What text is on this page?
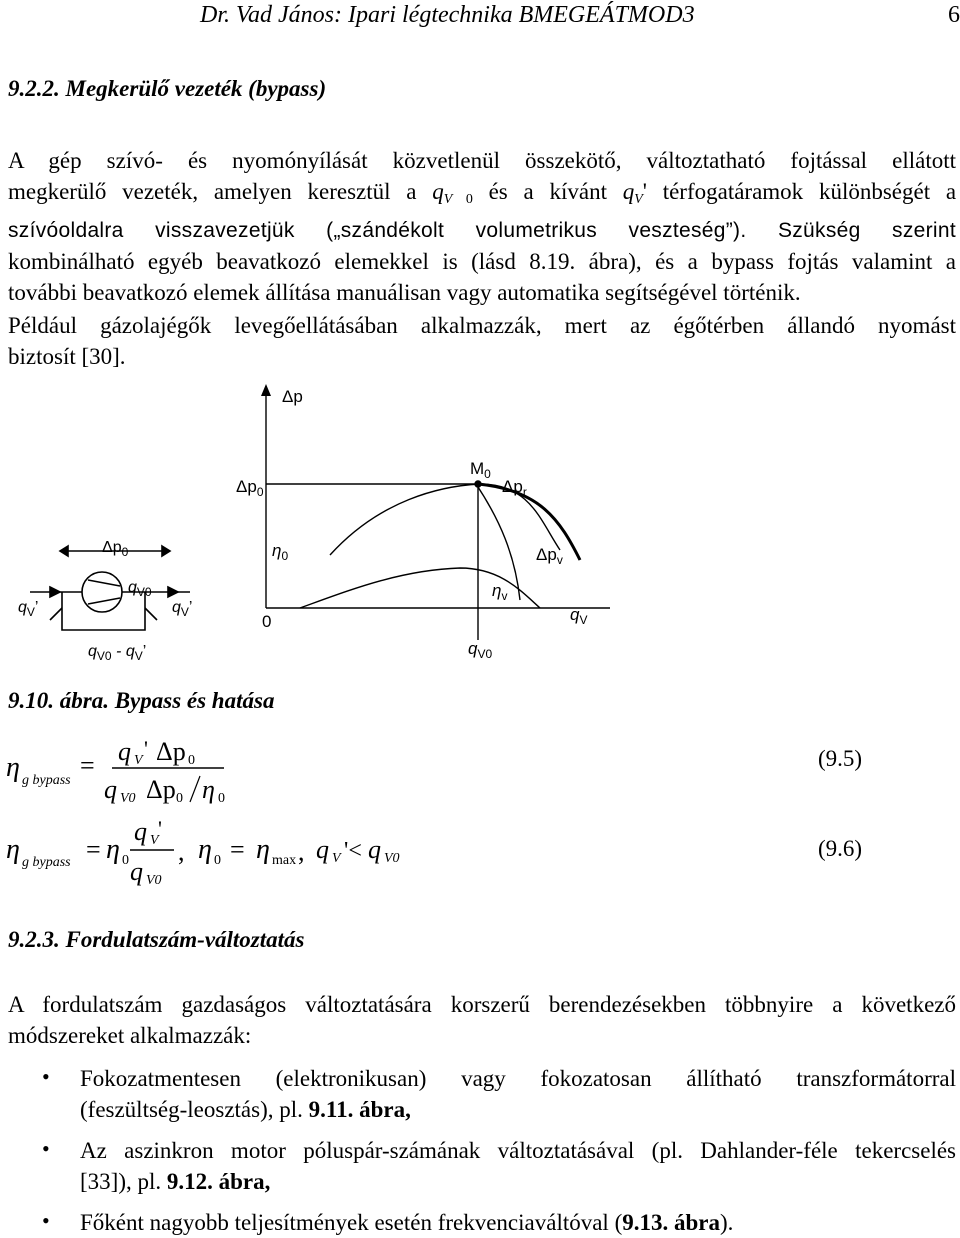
Dr. Vad János: Ipari légtechnika BMEGEÁTMOD3	6
9.2.2. Megkerülő vezeték (bypass)
A gép szívó- és nyomónyílását közvetlenül összekötő, változtatható fojtással ellátott
megkerülő vezeték, amelyen keresztül a $q_{V 0}$ és a kívánt $q_V'$ térfogatáramok különbségét a
szívóoldalra visszavezetjük („szándékolt volumetrikus veszteség”). Szükség szerint
kombinálható egyéb beavatkozó elemekkel is (lásd 8.19. ábra), és a bypass fojtás valamint a
további beavatkozó elemek állítása manuálisan vagy automatika segítségével történik.
Például gázolajégők levegőellátásában alkalmazzák, mert az égőtérben állandó nyomást
biztosít [30].
$\Delta p_0$
$q_{V0}$
$q_V$’	$q_V$’
$q_{V0} - q_V$’
Δp
$\Delta p_0$
$M_0$
$\Delta p_r$
$\eta_0$	$\Delta p_v$
$\eta_v$
0	$q_V$
$q_{V0}$
9.10. ábra. Bypass és hatása
η g bypass
= q V ' Δp 0
q V0 Δp 0 η 0
(9.5)
η g bypass = η 0
q V '
q V0
, η 0 = η max , q V '< q V0	(9.6)
9.2.3. Fordulatszám-változtatás
A fordulatszám gazdaságos változtatására korszerű berendezésekben többnyire a következő
módszereket alkalmazzák:
• Fokozatmentesen (elektronikusan) vagy fokozatosan állítható transzformátorral
(feszültség-leosztás), pl. 9.11. ábra,
• Az aszinkron motor póluspár-számának változtatásával (pl. Dahlander-féle tekercselés
[33]), pl. 9.12. ábra,
• Főként nagyobb teljesítmények esetén frekvenciaváltóval (9.13. ábra).
